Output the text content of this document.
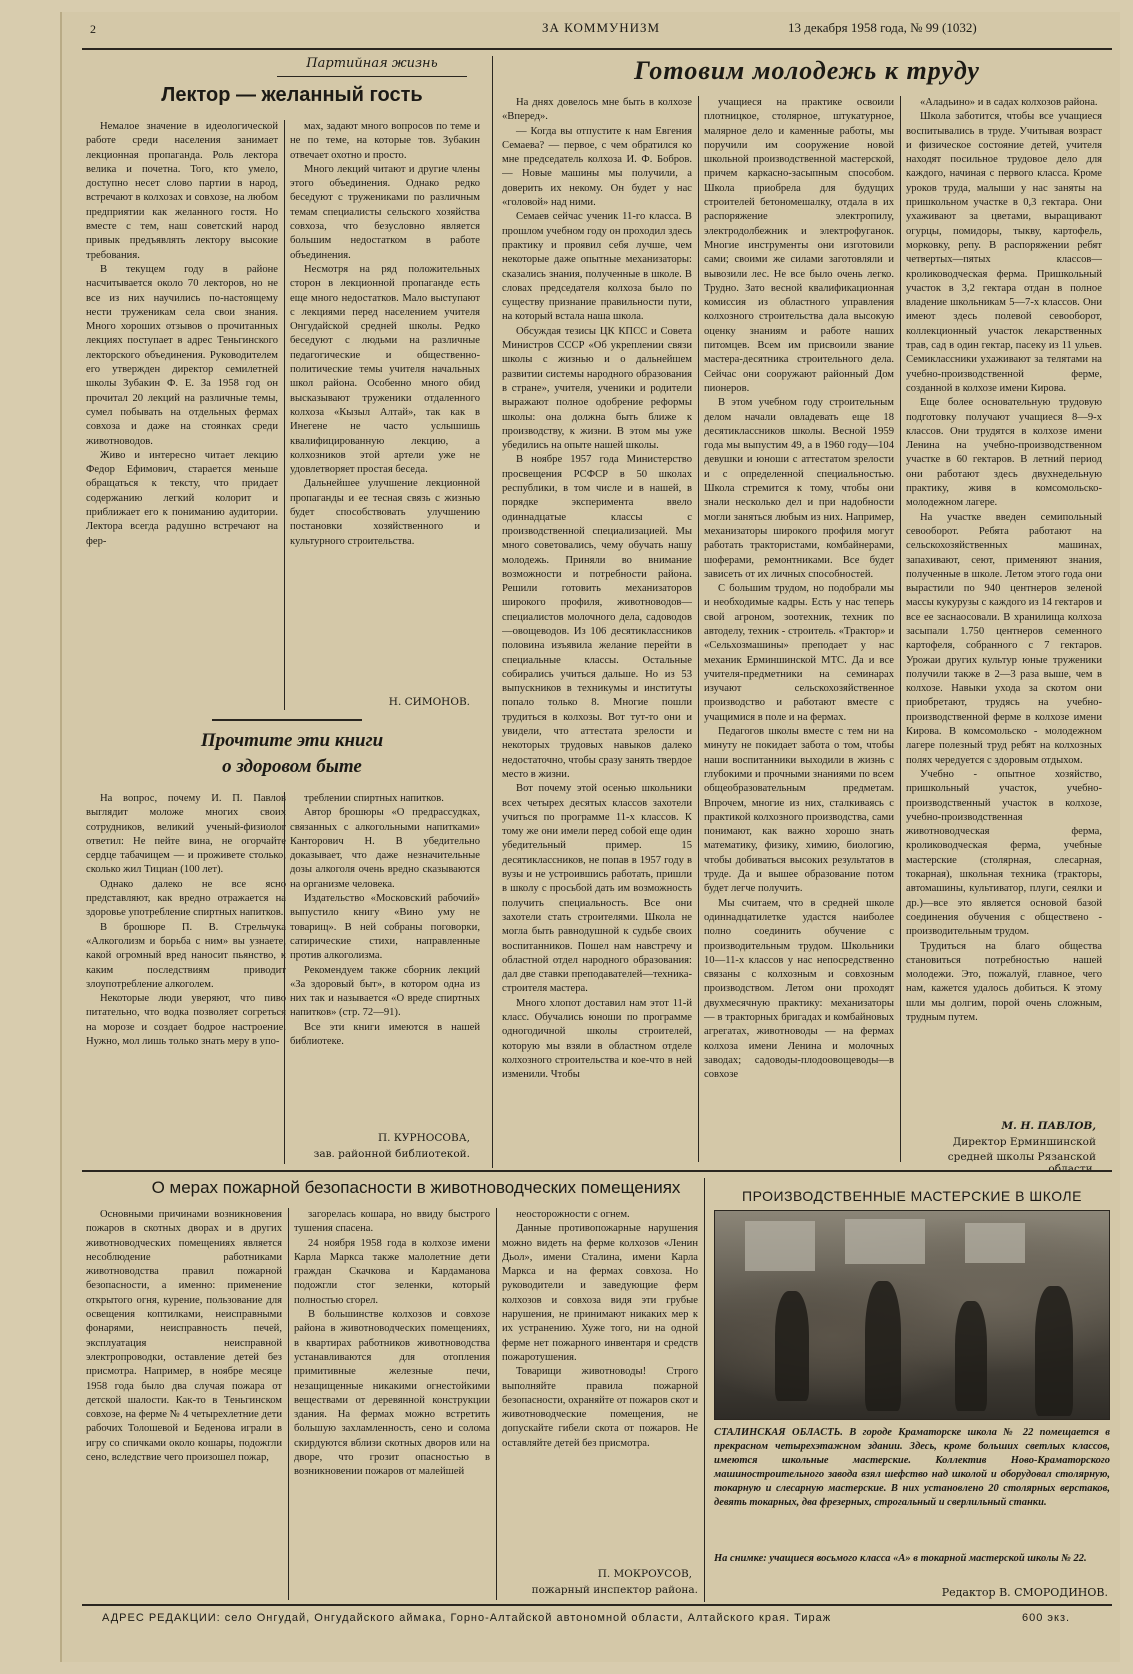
2	ЗА КОММУНИЗМ	13 декабря 1958 года, № 99 (1032)
Партийная жизнь
Лектор — желанный гость

Немалое значение в идеологической работе среди населения занимает лекционная пропаганда. Роль лектора велика и почетна. Того, кто умело, доступно несет слово партии в народ, встречают в колхозах и совхозе, на любом предприятии как желанного гостя. Но вместе с тем, наш советский народ привык предъявлять лектору высокие требования.

В текущем году в районе насчитывается около 70 лекторов, но не все из них научились по-настоящему нести труженикам села свои знания. Много хороших отзывов о прочитанных лекциях поступает в адрес Теньгинского лекторского объединения. Руководителем его утвержден директор семилетней школы Зубакин Ф. Е. За 1958 год он прочитал 20 лекций на различные темы, сумел побывать на отдельных фермах совхоза и даже на стоянках среди животноводов.

Живо и интересно читает лекцию Федор Ефимович, старается меньше обращаться к тексту, что придает содержанию легкий колорит и приближает его к пониманию аудитории. Лектора всегда радушно встречают на фер-

мах, задают много вопросов по теме и не по теме, на которые тов. Зубакин отвечает охотно и просто.

Много лекций читают и другие члены этого объединения. Однако редко беседуют с тружениками по различным темам специалисты сельского хозяйства совхоза, что безусловно является большим недостатком в работе объединения.

Несмотря на ряд положительных сторон в лекционной пропаганде есть еще много недостатков. Мало выступают с лекциями перед населением учителя Онгудайской средней школы. Редко беседуют с людьми на различные педагогические и общественно-политические темы учителя начальных школ района. Особенно много обид высказывают труженики отдаленного колхоза «Кызыл Алтай», так как в Инегене не часто услышишь квалифицированную лекцию, а колхозников этой артели уже не удовлетворяет простая беседа.

Дальнейшее улучшение лекционной пропаганды и ее тесная связь с жизнью будет способствовать улучшению постановки хозяйственного и культурного строительства.

Н. СИМОНОВ.
Прочтите эти книги
о здоровом быте

На вопрос, почему И. П. Павлов выглядит моложе многих своих сотрудников, великий ученый-физиолог ответил: Не пейте вина, не огорчайте сердце табачищем — и проживете столько, сколько жил Тициан (100 лет).

Однако далеко не все ясно представляют, как вредно отражается на здоровье употребление спиртных напитков.

В брошюре П. В. Стрельчука «Алкоголизм и борьба с ним» вы узнаете, какой огромный вред наносит пьянство, к каким последствиям приводит злоупотребление алкоголем.

Некоторые люди уверяют, что пиво питательно, что водка позволяет согреться на морозе и создает бодрое настроение. Нужно, мол лишь только знать меру в упо-

треблении спиртных напитков.

Автор брошюры «О предрассудках, связанных с алкогольными напитками» Канторович Н. В убедительно доказывает, что даже незначительные дозы алкоголя очень вредно сказываются на организме человека.

Издательство «Московский рабочий» выпустило книгу «Вино уму не товарищ». В ней собраны поговорки, сатирические стихи, направленные против алкоголизма.

Рекомендуем также сборник лекций «За здоровый быт», в котором одна из них так и называется «О вреде спиртных напитков» (стр. 72—91).

Все эти книги имеются в нашей библиотеке.

П. КУРНОСОВА,
зав. районной библиотекой.
Готовим молодежь к труду

На днях довелось мне быть в колхозе «Вперед».

— Когда вы отпустите к нам Евгения Семаева? — первое, с чем обратился ко мне председатель колхоза И. Ф. Бобров.— Новые машины мы получили, а доверить их некому. Он будет у нас «головой» над ними.

Семаев сейчас ученик 11-го класса. В прошлом учебном году он проходил здесь практику и проявил себя лучше, чем некоторые даже опытные механизаторы: сказались знания, полученные в школе. В словах председателя колхоза было по существу признание правильности пути, на который встала наша школа.

Обсуждая тезисы ЦК КПСС и Совета Министров СССР «Об укреплении связи школы с жизнью и о дальнейшем развитии системы народного образования в стране», учителя, ученики и родители выражают полное одобрение реформы школы: она должна быть ближе к производству, к жизни. В этом мы уже убедились на опыте нашей школы.

В ноябре 1957 года Министерство просвещения РСФСР в 50 школах республики, в том числе и в нашей, в порядке эксперимента ввело одиннадцатые классы с производственной специализацией. Мы много советовались, чему обучать нашу молодежь. Приняли во внимание возможности и потребности района. Решили готовить механизаторов широкого профиля, животноводов—специалистов молочного дела, садоводов—овощеводов. Из 106 десятиклассников половина изъявила желание перейти в специальные классы. Остальные собирались учиться дальше. Но из 53 выпускников в техникумы и институты попало только 8. Многие пошли трудиться в колхозы. Вот тут-то они и увидели, что аттестата зрелости и некоторых трудовых навыков далеко недостаточно, чтобы сразу занять твердое место в жизни.

Вот почему этой осенью школьники всех четырех десятых классов захотели учиться по программе 11-х классов. К тому же они имели перед собой еще один убедительный пример. 15 десятиклассников, не попав в 1957 году в вузы и не устроившись работать, пришли в школу с просьбой дать им возможность получить специальность. Все они захотели стать строителями. Школа не могла быть равнодушной к судьбе своих воспитанников. Пошел нам навстречу и областной отдел народного образования: дал две ставки преподавателей—техника-строителя мастера.

Много хлопот доставил нам этот 11-й класс. Обучались юноши по программе одногодичной школы строителей, которую мы взяли в областном отделе колхозного строительства и кое-что в ней изменили. Чтобы

учащиеся на практике освоили плотницкое, столярное, штукатурное, малярное дело и каменные работы, мы поручили им сооружение новой школьной производственной мастерской, причем каркасно-засыпным способом. Школа приобрела для будущих строителей бетономешалку, отдала в их распоряжение электропилу, электродолбежник и электрофуганок. Многие инструменты они изготовили сами; своими же силами заготовляли и вывозили лес. Не все было очень легко. Трудно. Зато весной квалификационная комиссия из областного управления колхозного строительства дала высокую оценку знаниям и работе наших питомцев. Всем им присвоили звание мастера-десятника строительного дела. Сейчас они сооружают районный Дом пионеров.

В этом учебном году строительным делом начали овладевать еще 18 десятиклассников школы. Весной 1959 года мы выпустим 49, а в 1960 году—104 девушки и юноши с аттестатом зрелости и с определенной специальностью. Школа стремится к тому, чтобы они знали несколько дел и при надобности могли заняться любым из них. Например, механизаторы широкого профиля могут работать трактористами, комбайнерами, шоферами, ремонтниками. Все будет зависеть от их личных способностей.

С большим трудом, но подобрали мы и необходимые кадры. Есть у нас теперь свой агроном, зоотехник, техник по автоделу, техник - строитель. «Трактор» и «Сельхозмашины» преподает у нас механик Ерминшинской МТС. Да и все учителя-предметники на семинарах изучают сельскохозяйственное производство и работают вместе с учащимися в поле и на фермах.

Педагогов школы вместе с тем ни на минуту не покидает забота о том, чтобы наши воспитанники выходили в жизнь с глубокими и прочными знаниями по всем общеобразовательным предметам. Впрочем, многие из них, сталкиваясь с практикой колхозного производства, сами понимают, как важно хорошо знать математику, физику, химию, биологию, чтобы добиваться высоких результатов в труде. Да и вышее образование потом будет легче получить.

Мы считаем, что в средней школе одиннадцатилетке удастся наиболее полно соединить обучение с производительным трудом. Школьники 10—11-х классов у нас непосредственно связаны с колхозным и совхозным производством. Летом они проходят двухмесячную практику: механизаторы — в тракторных бригадах и комбайновых агрегатах, животноводы — на фермах колхоза имени Ленина и молочных заводах; садоводы-плодоовощеводы—в совхозе

«Аладьино» и в садах колхозов района.

Школа заботится, чтобы все учащиеся воспитывались в труде. Учитывая возраст и физическое состояние детей, учителя находят посильное трудовое дело для каждого, начиная с первого класса. Кроме уроков труда, малыши у нас заняты на пришкольном участке в 0,3 гектара. Они ухаживают за цветами, выращивают огурцы, помидоры, тыкву, картофель, морковку, репу. В распоряжении ребят четвертых—пятых классов—кролиководческая ферма. Пришкольный участок в 3,2 гектара отдан в полное владение школьникам 5—7-х классов. Они имеют здесь полевой севооборот, коллекционный участок лекарственных трав, сад в один гектар, пасеку из 11 ульев. Семиклассники ухаживают за телятами на учебно-производственной ферме, созданной в колхозе имени Кирова.

Еще более основательную трудовую подготовку получают учащиеся 8—9-х классов. Они трудятся в колхозе имени Ленина на учебно-производственном участке в 60 гектаров. В летний период они работают здесь двухнедельную практику, живя в комсомольско-молодежном лагере.

На участке введен семипольный севооборот. Ребята работают на сельскохозяйственных машинах, запахивают, сеют, применяют знания, полученные в школе. Летом этого года они вырастили по 940 центнеров зеленой массы кукурузы с каждого из 14 гектаров и все ее заснаосовали. В хранилища колхоза засыпали 1.750 центнеров семенного картофеля, собранного с 7 гектаров. Урожаи других культур юные труженики получили также в 2—3 раза выше, чем в колхозе. Навыки ухода за скотом они приобретают, трудясь на учебно-производственной ферме в колхозе имени Кирова. В комсомольско - молодежном лагере полезный труд ребят на колхозных полях чередуется с здоровым отдыхом.

Учебно - опытное хозяйство, пришкольный участок, учебно-производственный участок в колхозе, учебно-производственная животноводческая ферма, кролиководческая ферма, учебные мастерские (столярная, слесарная, токарная), школьная техника (тракторы, автомашины, культиватор, плуги, сеялки и др.)—все это является основой базой соединения обучения с обществено - производительным трудом.

Трудиться на благо общества становиться потребностью нашей молодежи. Это, пожалуй, главное, чего нам, кажется удалось добиться. К этому шли мы долгим, порой очень сложным, трудным путем.

М. Н. ПАВЛОВ,
Директор Ерминшинской
средней школы Рязанской области.
О мерах пожарной безопасности в животноводческих помещениях

Основными причинами возникновения пожаров в скотных дворах и в других животноводческих помещениях является несоблюдение работниками животноводства правил пожарной безопасности, а именно: применение открытого огня, курение, пользование для освещения коптилками, неисправными фонарями, неисправность печей, эксплуатация неисправной электропроводки, оставление детей без присмотра. Например, в ноябре месяце 1958 года было два случая пожара от детской шалости. Как-то в Теньгинском совхозе, на ферме № 4 четырехлетние дети рабочих Толошевой и Беденова играли в игру со спичками около кошары, подожгли сено, вследствие чего произошел пожар,

загорелась кошара, но ввиду быстрого тушения спасена.

24 ноября 1958 года в колхозе имени Карла Маркса также малолетние дети граждан Скачкова и Кардаманова подожгли стог зеленки, который полностью сгорел.

В большинстве колхозов и совхозе района в животноводческих помещениях, в квартирах работников животноводства устанавливаются для отопления примитивные железные печи, незащищенные никакими огнестойкими веществами от деревянной конструкции здания. На фермах можно встретить большую захламленность, сено и солома скирдуются вблизи скотных дворов или на дворе, что грозит опасностью в возникновении пожаров от малейшей

неосторожности с огнем.

Данные противопожарные нарушения можно видеть на ферме колхозов «Ленин Дьол», имени Сталина, имени Карла Маркса и на фермах совхоза. Но руководители и заведующие ферм колхозов и совхоза видя эти грубые нарушения, не принимают никаких мер к их устранению. Хуже того, ни на одной ферме нет пожарного инвентаря и средств пожаротушения.

Товарищи животноводы! Строго выполняйте правила пожарной безопасности, охраняйте от пожаров скот и животноводческие помещения, не допускайте гибели скота от пожаров. Не оставляйте детей без присмотра.

П. МОКРОУСОВ,
пожарный инспектор района.
ПРОИЗВОДСТВЕННЫЕ МАСТЕРСКИЕ В ШКОЛЕ
СТАЛИНСКАЯ ОБЛАСТЬ. В городе Краматорске школа № 22 помещается в прекрасном четырехэтажном здании. Здесь, кроме больших светлых классов, имеются школьные мастерские. Коллектив Ново-Краматорского машиностроительного завода взял шефство над школой и оборудовал столярную, токарную и слесарную мастерские. В них установлено 20 столярных верстаков, девять токарных, два фрезерных, строгальный и сверлильный станки.
На снимке: учащиеся восьмого класса «А» в токарной мастерской школы № 22.
Редактор В. СМОРОДИНОВ.
АДРЕС РЕДАКЦИИ: село Онгудай, Онгудайского аймака, Горно-Алтайской автономной области, Алтайского края. Тираж	600 экз.
